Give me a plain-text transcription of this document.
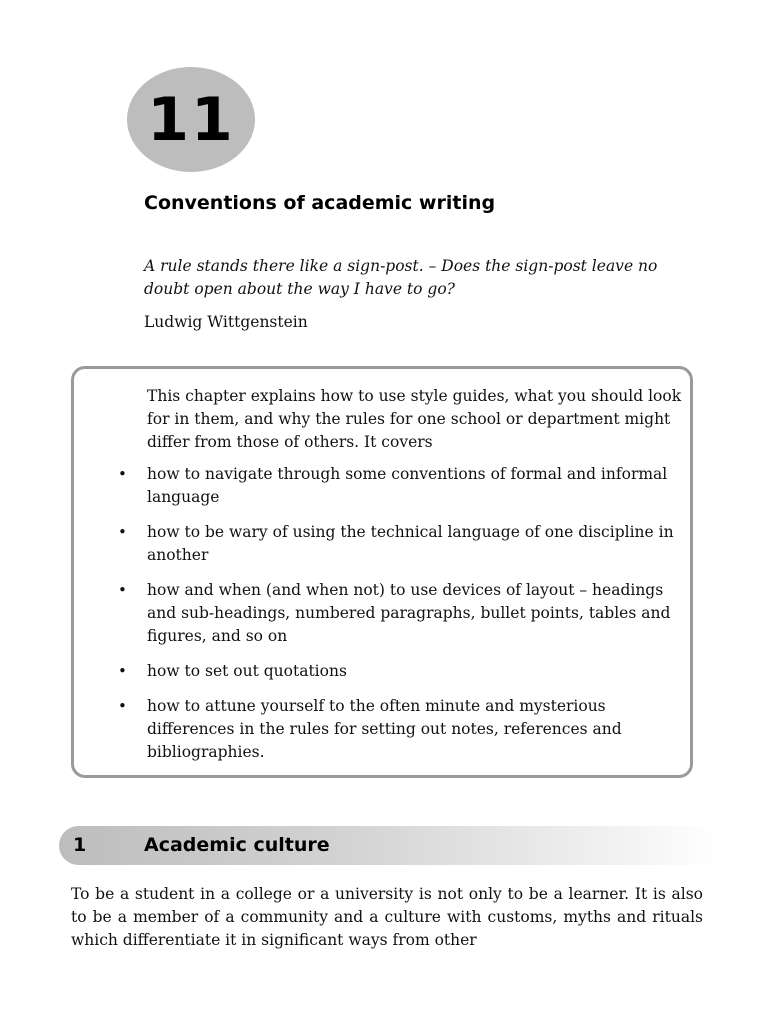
11
Conventions of academic writing
A rule stands there like a sign-post. – Does the sign-post leave no doubt open about the way I have to go?
Ludwig Wittgenstein
This chapter explains how to use style guides, what you should look for in them, and why the rules for one school or department might differ from those of others. It covers
• how to navigate through some conventions of formal and informal language
• how to be wary of using the technical language of one discipline in another
• how and when (and when not) to use devices of layout – headings and sub-headings, numbered paragraphs, bullet points, tables and figures, and so on
• how to set out quotations
• how to attune yourself to the often minute and mysterious differences in the rules for setting out notes, references and bibliographies.
1	Academic culture
To be a student in a college or a university is not only to be a learner. It is also to be a member of a community and a culture with customs, myths and rituals which differentiate it in significant ways from other
